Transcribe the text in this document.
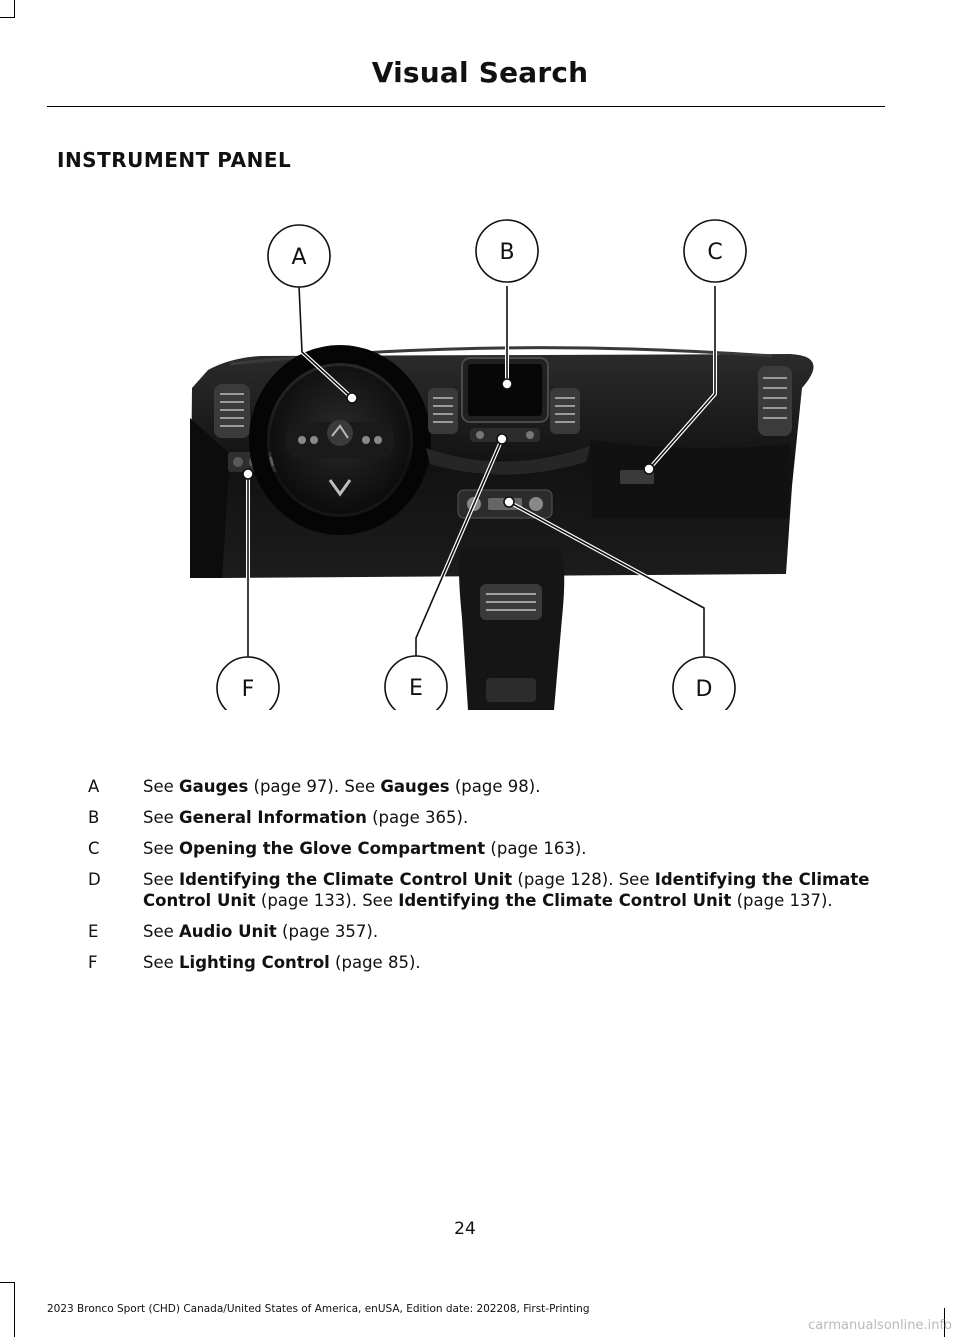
Visual Search
INSTRUMENT PANEL
A	B	C
D
E
F
A	See Gauges (page 97). See Gauges (page 98).
B	See General Information (page 365).
C	See Opening the Glove Compartment (page 163).
D	See Identifying the Climate Control Unit (page 128). See Identifying the Climate Control Unit (page 133). See Identifying the Climate Control Unit (page 137).
E	See Audio Unit (page 357).
F	See Lighting Control (page 85).
24
2023 Bronco Sport (CHD) Canada/United States of America, enUSA, Edition date: 202208, First-Printing
carmanualsonline.info
